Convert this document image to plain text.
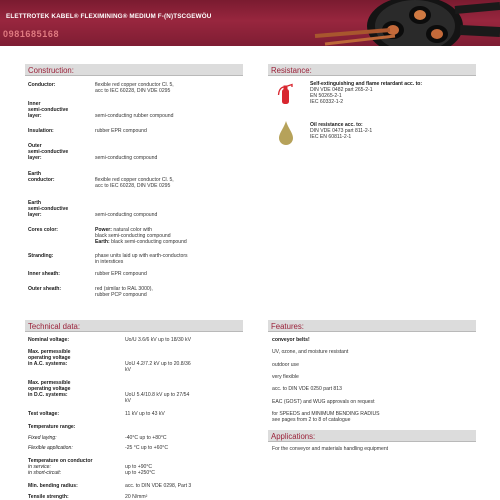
ELETTROTEK KABEL® FLEXIMINING® MEDIUM F-(N)TSCGEWÖU
0981685168
Construction:	Resistance:
Technical data:	Features:
Applications:
Conductor:	flexible red copper conductor Cl. 5,
acc to IEC 60228, DIN VDE 0295
Inner
semi-conductive
layer:	semi-conducting rubber compound
Insulation:	rubber EPR compound
Outer
semi-conductive
layer:	semi-conducting compound
Earth
conductor:	flexible red copper conductor Cl. 5,
acc to IEC 60228, DIN VDE 0295
Earth
semi-conductive
layer:	semi-conducting compound
Cores color:	Power: natural color with
black semi-conducting compound
Earth: black semi-conducting compound
Stranding:	phase units laid up with earth-conductors
in interstices
Inner sheath:	rubber EPR compound
Outer sheath:	red (similar to RAL 3000),
rubber PCP compound
Self-extinguishing and flame retardant acc. to:
DIN VDE 0482 part 265-2-1
EN 50265-2-1
IEC 60332-1-2
Oil resistance acc. to:
DIN VDE 0473 part 811-2-1
IEC EN 60811-2-1
Nominal voltage:	Uo/U 3.6/6 kV up to 18/30 kV
Max. permessible
operating voltage
in A.C. systems:	UoU 4.2/7.2 kV up to 20.8/36
kV
Max. permessible
operating voltage
in D.C. systems:	UoU 5.4/10.8 kV up to 27/54
kV
Test voltage:	11 kV up to 43 kV
Temperature range:
Fixed laying:	-40°C up to +80°C
Flexible application:	-25 °C up to +60°C
Temperature on conductor
in service:	up to +90°C
in short-circuit:	up to +250°C
Min. bending radius:	acc. to DIN VDE 0298, Part 3
Tensile strength:	20 N/mm²
conveyor belts!
UV, ozone, and moisture resistant
outdoor use
very flexible
acc. to DIN VDE 0250 part 813
EAC (GOST) and WUG approvals on request
for SPEEDS and MINIMUM BENDING RADIUS
see pages from 2 to 8 of catalogue
For the conveyor and materials handling equipment
